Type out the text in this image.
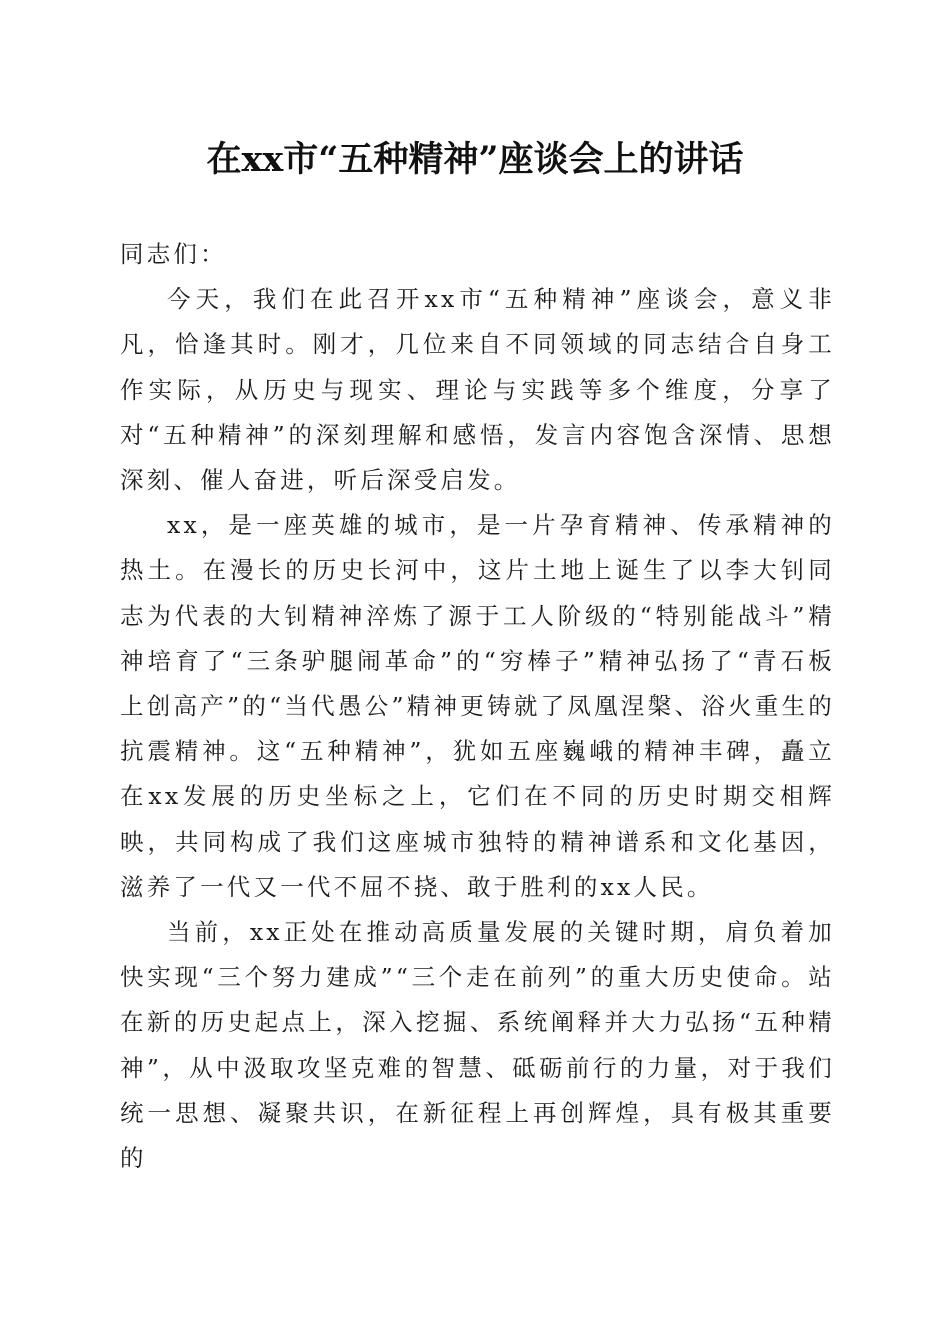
在xx市“五种精神”座谈会上的讲话

同志们：

今天，我们在此召开xx市“五种精神”座谈会，意义非凡，恰逢其时。刚才，几位来自不同领域的同志结合自身工作实际，从历史与现实、理论与实践等多个维度，分享了对“五种精神”的深刻理解和感悟，发言内容饱含深情、思想深刻、催人奋进，听后深受启发。

xx，是一座英雄的城市，是一片孕育精神、传承精神的热土。在漫长的历史长河中，这片土地上诞生了以李大钊同志为代表的大钊精神淬炼了源于工人阶级的“特别能战斗”精神培育了“三条驴腿闹革命”的“穷棒子”精神弘扬了“青石板上创高产”的“当代愚公”精神更铸就了凤凰涅槃、浴火重生的抗震精神。这“五种精神”，犹如五座巍峨的精神丰碑，矗立在xx发展的历史坐标之上，它们在不同的历史时期交相辉映，共同构成了我们这座城市独特的精神谱系和文化基因，滋养了一代又一代不屈不挠、敢于胜利的xx人民。

当前，xx正处在推动高质量发展的关键时期，肩负着加快实现“三个努力建成”“三个走在前列”的重大历史使命。站在新的历史起点上，深入挖掘、系统阐释并大力弘扬“五种精神”，从中汲取攻坚克难的智慧、砥砺前行的力量，对于我们统一思想、凝聚共识，在新征程上再创辉煌，具有极其重要的
